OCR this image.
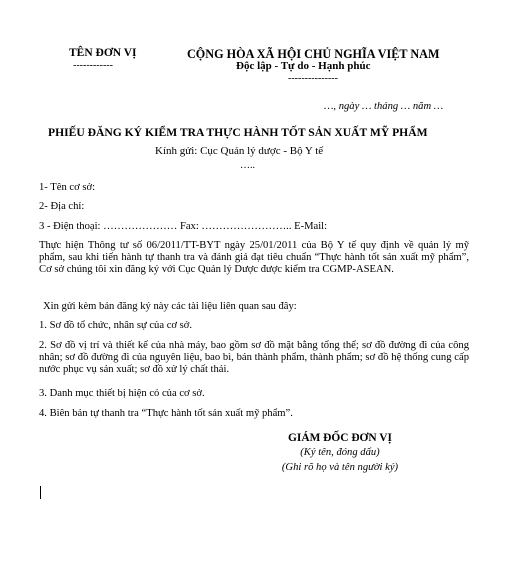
TÊN ĐƠN VỊ
------------
CỘNG HÒA XÃ HỘI CHỦ NGHĨA VIỆT NAM
Độc lập - Tự do - Hạnh phúc
---------------
…, ngày … tháng … năm …
PHIẾU ĐĂNG KÝ KIỂM TRA THỰC HÀNH TỐT SẢN XUẤT MỸ PHẨM
Kính gửi: Cục Quản lý dược - Bộ Y tế
…..
1- Tên cơ sở:
2- Địa chỉ:
3 - Điện thoại: ………………… Fax: …………………….. E-Mail:
Thực hiện Thông tư số 06/2011/TT-BYT ngày 25/01/2011 của Bộ Y tế quy định về quản lý mỹ phẩm, sau khi tiến hành tự thanh tra và đánh giá đạt tiêu chuẩn “Thực hành tốt sản xuất mỹ phẩm”, Cơ sở chúng tôi xin đăng ký với Cục Quản lý Dược được kiểm tra CGMP-ASEAN.
Xin gửi kèm bản đăng ký này các tài liệu liên quan sau đây:
1. Sơ đồ tổ chức, nhân sự của cơ sở.
2. Sơ đồ vị trí và thiết kế của nhà máy, bao gồm sơ đồ mặt bằng tổng thể; sơ đồ đường đi của công nhân; sơ đồ đường đi của nguyên liệu, bao bì, bán thành phẩm, thành phẩm; sơ đồ hệ thống cung cấp nước phục vụ sản xuất; sơ đồ xử lý chất thải.
3. Danh mục thiết bị hiện có của cơ sở.
4. Biên bản tự thanh tra “Thực hành tốt sản xuất mỹ phẩm”.
GIÁM ĐỐC ĐƠN VỊ
(Ký tên, đóng dấu)
(Ghi rõ họ và tên người ký)
